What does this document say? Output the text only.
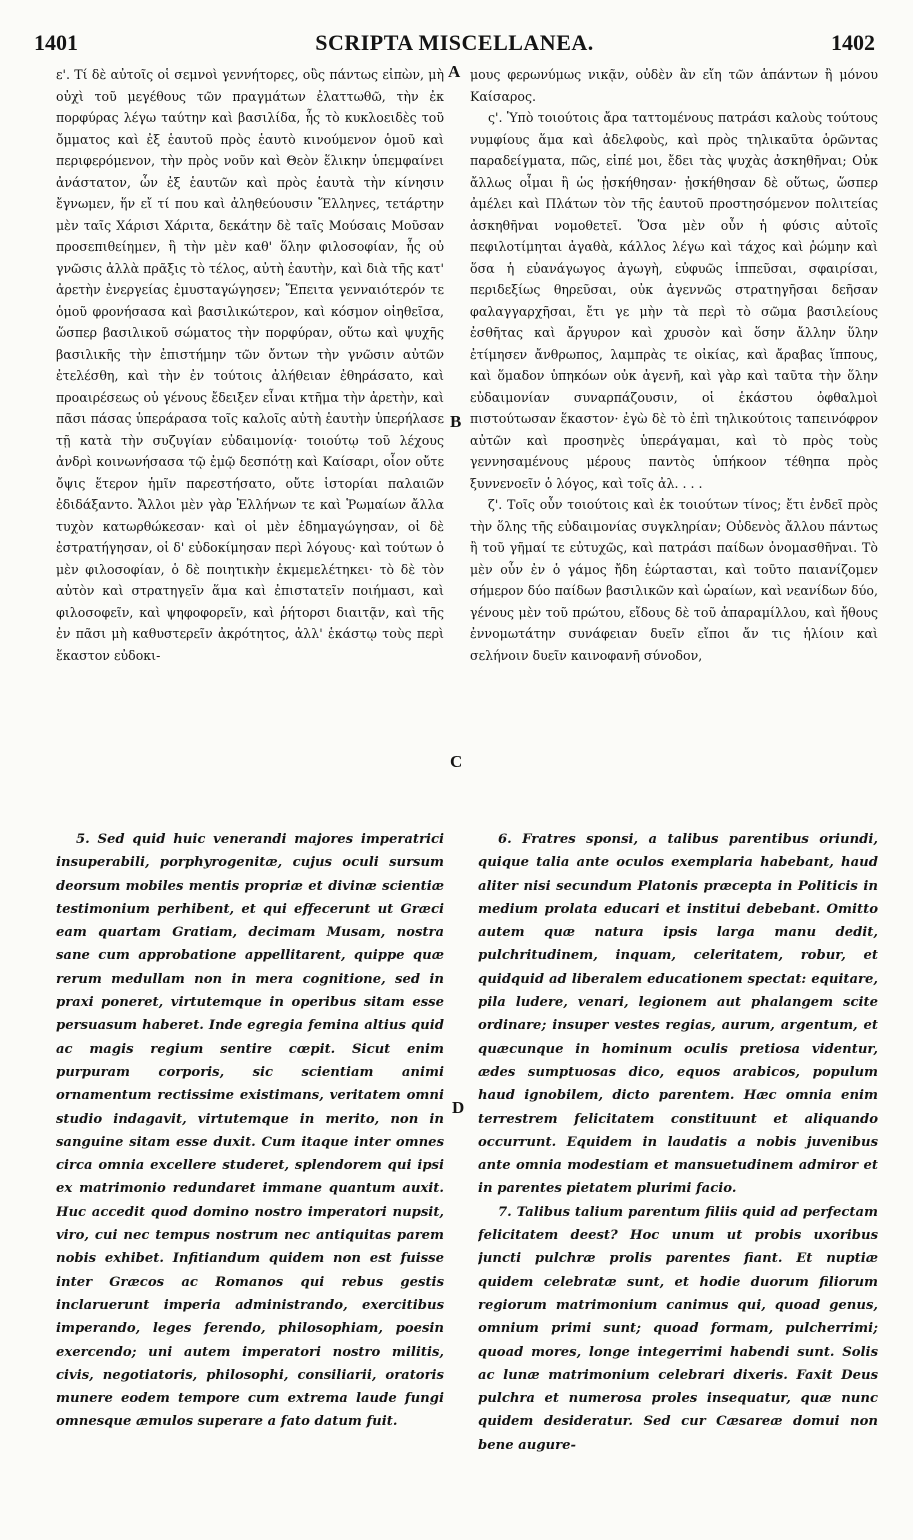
1401	SCRIPTA MISCELLANEA.	1402

ε'. Τί δὲ αὐτοῖς οἱ σεμνοὶ γεννήτορες, οὓς πάντως εἰπὼν, μὴ οὐχὶ τοῦ μεγέθους τῶν πραγμάτων ἐλαττωθῶ, τὴν ἐκ πορφύρας λέγω ταύτην καὶ βασιλίδα, ἧς τὸ κυκλοειδὲς τοῦ ὄμματος καὶ ἐξ ἑαυτοῦ πρὸς ἑαυτὸ κινούμενον ὁμοῦ καὶ περιφερόμενον, τὴν πρὸς νοῦν καὶ Θεὸν ἕλικην ὑπεμφαίνει ἀνάστατον, ὧν ἐξ ἑαυτῶν καὶ πρὸς ἑαυτὰ τὴν κίνησιν ἔγνωμεν, ἥν εἴ τί που καὶ ἀληθεύουσιν Ἕλληνες, τετάρτην μὲν ταῖς Χάρισι Χάριτα, δεκάτην δὲ ταῖς Μούσαις Μοῦσαν προσεπιθείημεν, ἣ τὴν μὲν καθ' ὅλην φιλοσοφίαν, ἧς οὐ γνῶσις ἀλλὰ πρᾶξις τὸ τέλος, αὐτὴ ἑαυτὴν, καὶ διὰ τῆς κατ' ἀρετὴν ἐνεργείας ἐμυσταγώγησεν; Ἔπειτα γενναιότερόν τε ὁμοῦ φρονήσασα καὶ βασιλικώτερον, καὶ κόσμον οἰηθεῖσα, ὥσπερ βασιλικοῦ σώματος τὴν πορφύραν, οὕτω καὶ ψυχῆς βασιλικῆς τὴν ἐπιστήμην τῶν ὄντων τὴν γνῶσιν αὐτῶν ἐτελέσθη, καὶ τὴν ἐν τούτοις ἀλήθειαν ἐθηράσατο, καὶ προαιρέσεως οὐ γένους ἔδειξεν εἶναι κτῆμα τὴν ἀρετὴν, καὶ πᾶσι πάσας ὑπεράρασα τοῖς καλοῖς αὐτὴ ἑαυτὴν ὑπερήλασε τῇ κατὰ τὴν συζυγίαν εὐδαιμονίᾳ· τοιούτῳ τοῦ λέχους ἀνδρὶ κοινωνήσασα τῷ ἐμῷ δεσπότῃ καὶ Καίσαρι, οἷον οὔτε ὄψις ἕτερον ἡμῖν παρεστήσατο, οὔτε ἱστορίαι παλαιῶν ἐδιδάξαντο. Ἄλλοι μὲν γὰρ Ἑλλήνων τε καὶ Ῥωμαίων ἄλλα τυχὸν κατωρθώκεσαν· καὶ οἱ μὲν ἐδημαγώγησαν, οἱ δὲ ἐστρατήγησαν, οἱ δ' εὐδοκίμησαν περὶ λόγους· καὶ τούτων ὁ μὲν φιλοσοφίαν, ὁ δὲ ποιητικὴν ἐκμεμελέτηκει· τὸ δὲ τὸν αὐτὸν καὶ στρατηγεῖν ἅμα καὶ ἐπιστατεῖν ποιήμασι, καὶ φιλοσοφεῖν, καὶ ψηφοφορεῖν, καὶ ῥήτορσι διαιτᾷν, καὶ τῆς ἐν πᾶσι μὴ καθυστερεῖν ἀκρότητος, ἀλλ' ἑκάστῳ τοὺς περὶ ἕκαστον εὐδοκι-

μους φερωνύμως νικᾷν, οὐδὲν ἂν εἴη τῶν ἁπάντων ἢ μόνου Καίσαρος.

ς'. Ὑπὸ τοιούτοις ἄρα ταττομένους πατράσι καλοὺς τούτους νυμφίους ἅμα καὶ ἀδελφοὺς, καὶ πρὸς τηλικαῦτα ὁρῶντας παραδείγματα, πῶς, εἰπέ μοι, ἔδει τὰς ψυχὰς ἀσκηθῆναι; Οὐκ ἄλλως οἶμαι ἢ ὡς ᾐσκήθησαν· ᾐσκήθησαν δὲ οὕτως, ὥσπερ ἀμέλει καὶ Πλάτων τὸν τῆς ἑαυτοῦ προστησόμενον πολιτείας ἀσκηθῆναι νομοθετεῖ. Ὅσα μὲν οὖν ἡ φύσις αὐτοῖς πεφιλοτίμηται ἀγαθὰ, κάλλος λέγω καὶ τάχος καὶ ῥώμην καὶ ὅσα ἡ εὐανάγωγος ἀγωγὴ, εὐφυῶς ἱππεῦσαι, σφαιρίσαι, περιδεξίως θηρεῦσαι, οὐκ ἀγεννῶς στρατηγῆσαι δεῆσαν φαλαγγαρχῆσαι, ἔτι γε μὴν τὰ περὶ τὸ σῶμα βασιλείους ἐσθῆτας καὶ ἄργυρον καὶ χρυσὸν καὶ ὅσην ἄλλην ὕλην ἐτίμησεν ἄνθρωπος, λαμπρὰς τε οἰκίας, καὶ ἄραβας ἵππους, καὶ ὅμαδον ὑπηκόων οὐκ ἀγενῆ, καὶ γὰρ καὶ ταῦτα τὴν ὅλην εὐδαιμονίαν συναρπάζουσιν, οἱ ἑκάστου ὀφθαλμοὶ πιστούτωσαν ἕκαστον· ἐγὼ δὲ τὸ ἐπὶ τηλικούτοις ταπεινόφρον αὐτῶν καὶ προσηνὲς ὑπεράγαμαι, καὶ τὸ πρὸς τοὺς γεννησαμένους μέρους παντὸς ὑπήκοον τέθηπα πρὸς ξυννενοεῖν ὁ λόγος, καὶ τοῖς ἀλ. . . .

ζ'. Τοῖς οὖν τοιούτοις καὶ ἐκ τοιούτων τίνος; ἔτι ἐνδεῖ πρὸς τὴν ὅλης τῆς εὐδαιμονίας συγκληρίαν; Οὐδενὸς ἄλλου πάντως ἢ τοῦ γῆμαί τε εὐτυχῶς, καὶ πατράσι παίδων ὀνομασθῆναι. Τὸ μὲν οὖν ἐν ὁ γάμος ἤδη ἑώρτασται, καὶ τοῦτο παιανίζομεν σήμερον δύο παίδων βασιλικῶν καὶ ὡραίων, καὶ νεανίδων δύο, γένους μὲν τοῦ πρώτου, εἴδους δὲ τοῦ ἀπαραμίλλου, καὶ ἤθους ἐννομωτάτην συνάφειαν δυεῖν εἴποι ἄν τις ἡλίοιν καὶ σελήνοιν δυεῖν καινοφανῆ σύνοδον,

A
B
C
D

5. Sed quid huic venerandi majores imperatrici insuperabili, porphyrogenitæ, cujus oculi sursum deorsum mobiles mentis propriæ et divinæ scientiæ testimonium perhibent, et qui effecerunt ut Græci eam quartam Gratiam, decimam Musam, nostra sane cum approbatione appellitarent, quippe quæ rerum medullam non in mera cognitione, sed in praxi poneret, virtutemque in operibus sitam esse persuasum haberet. Inde egregia femina altius quid ac magis regium sentire cœpit. Sicut enim purpuram corporis, sic scientiam animi ornamentum rectissime existimans, veritatem omni studio indagavit, virtutemque in merito, non in sanguine sitam esse duxit. Cum itaque inter omnes circa omnia excellere studeret, splendorem qui ipsi ex matrimonio redundaret immane quantum auxit. Huc accedit quod domino nostro imperatori nupsit, viro, cui nec tempus nostrum nec antiquitas parem nobis exhibet. Infitiandum quidem non est fuisse inter Græcos ac Romanos qui rebus gestis inclaruerunt imperia administrando, exercitibus imperando, leges ferendo, philosophiam, poesin exercendo; uni autem imperatori nostro militis, civis, negotiatoris, philosophi, consiliarii, oratoris munere eodem tempore cum extrema laude fungi omnesque æmulos superare a fato datum fuit.

6. Fratres sponsi, a talibus parentibus oriundi, quique talia ante oculos exemplaria habebant, haud aliter nisi secundum Platonis præcepta in Politicis in medium prolata educari et institui debebant. Omitto autem quæ natura ipsis larga manu dedit, pulchritudinem, inquam, celeritatem, robur, et quidquid ad liberalem educationem spectat: equitare, pila ludere, venari, legionem aut phalangem scite ordinare; insuper vestes regias, aurum, argentum, et quæcunque in hominum oculis pretiosa videntur, ædes sumptuosas dico, equos arabicos, populum haud ignobilem, dicto parentem. Hæc omnia enim terrestrem felicitatem constituunt et aliquando occurrunt. Equidem in laudatis a nobis juvenibus ante omnia modestiam et mansuetudinem admiror et in parentes pietatem plurimi facio.

7. Talibus talium parentum filiis quid ad perfectam felicitatem deest? Hoc unum ut probis uxoribus juncti pulchræ prolis parentes fiant. Et nuptiæ quidem celebratæ sunt, et hodie duorum filiorum regiorum matrimonium canimus qui, quoad genus, omnium primi sunt; quoad formam, pulcherrimi; quoad mores, longe integerrimi habendi sunt. Solis ac lunæ matrimonium celebrari dixeris. Faxit Deus pulchra et numerosa proles insequatur, quæ nunc quidem desideratur. Sed cur Cæsareæ domui non bene augure-
